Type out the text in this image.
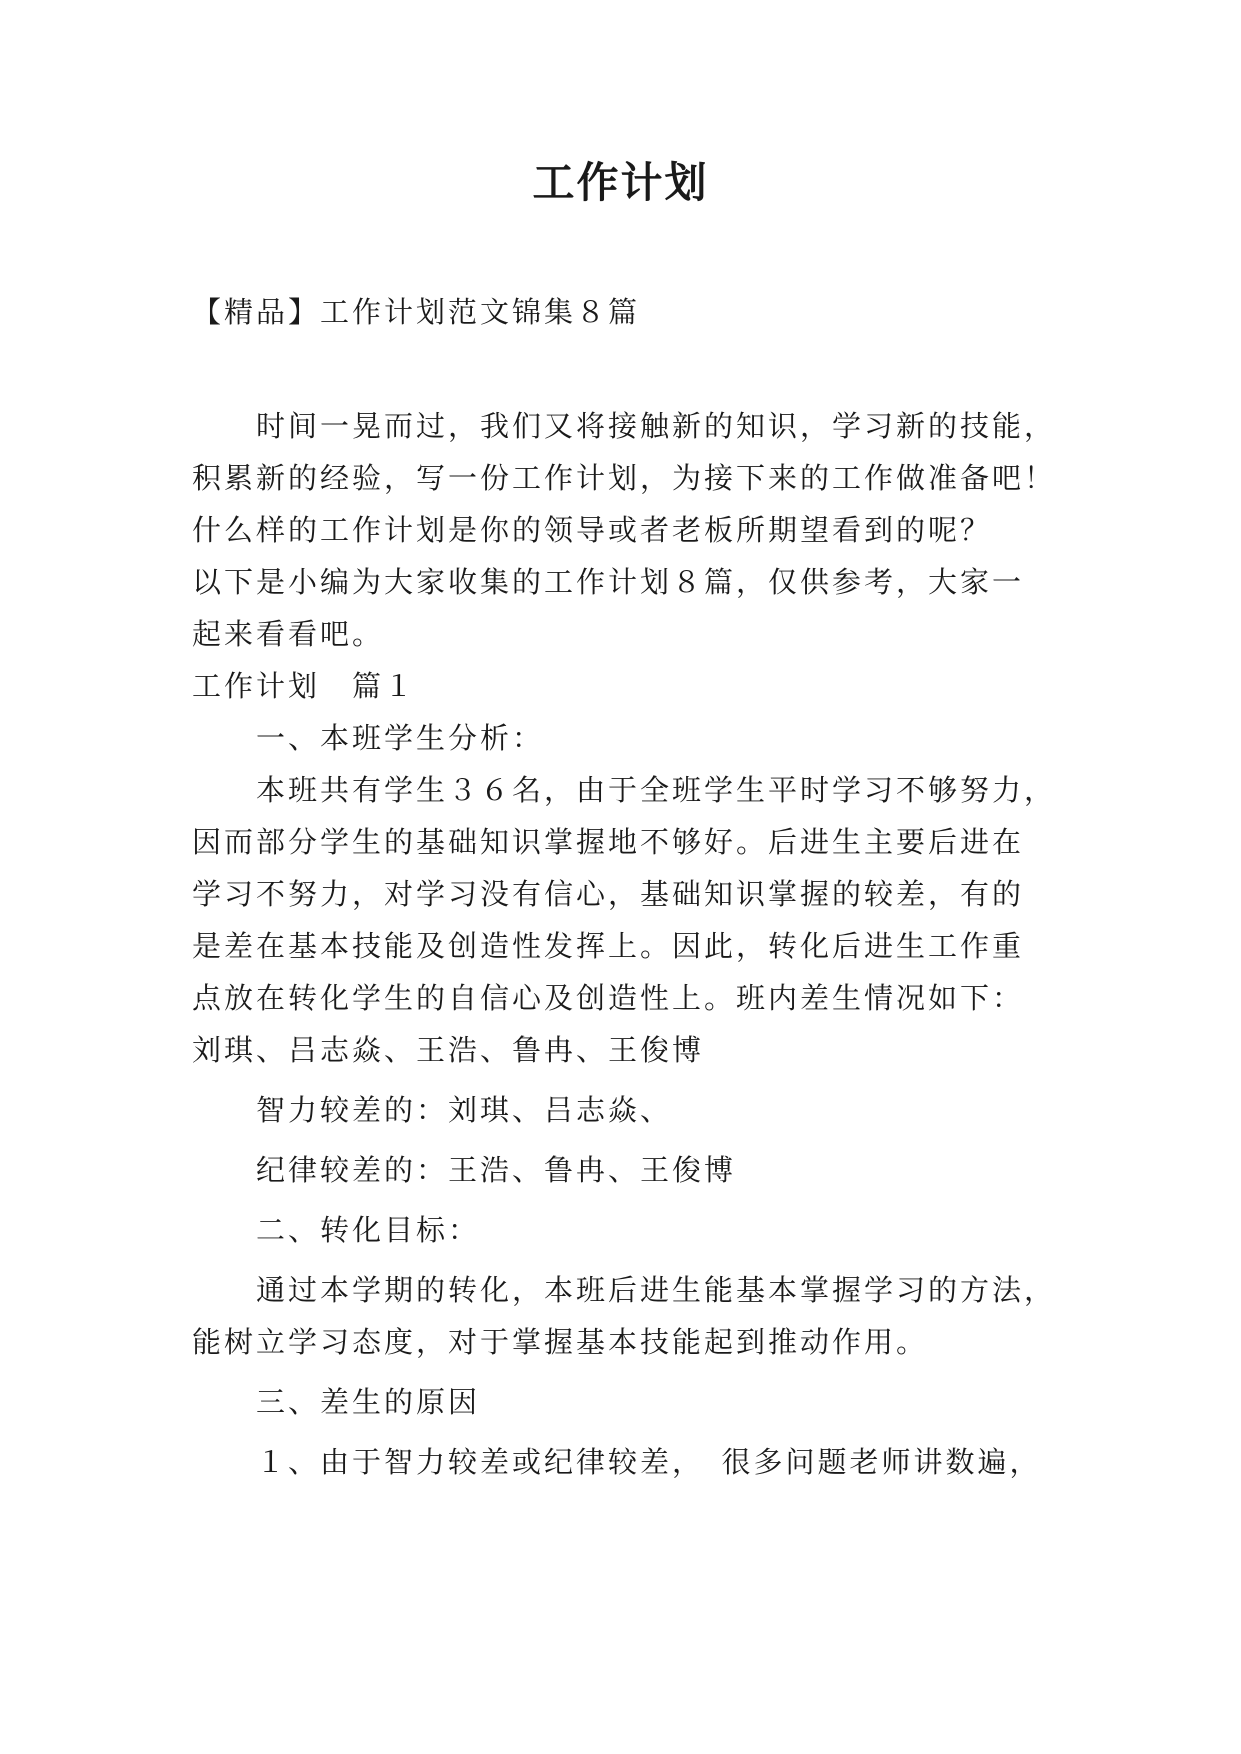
工作计划

【精品】工作计划范文锦集８篇

时间一晃而过，我们又将接触新的知识，学习新的技能，

积累新的经验，写一份工作计划，为接下来的工作做准备吧！

什么样的工作计划是你的领导或者老板所期望看到的呢？

以下是小编为大家收集的工作计划８篇，仅供参考，大家一

起来看看吧。

工作计划　篇１

一、本班学生分析：

本班共有学生３６名，由于全班学生平时学习不够努力，

因而部分学生的基础知识掌握地不够好。后进生主要后进在

学习不努力，对学习没有信心，基础知识掌握的较差，有的

是差在基本技能及创造性发挥上。因此，转化后进生工作重

点放在转化学生的自信心及创造性上。班内差生情况如下：

刘琪、吕志焱、王浩、鲁冉、王俊博

智力较差的：刘琪、吕志焱、

纪律较差的：王浩、鲁冉、王俊博

二、转化目标：

通过本学期的转化，本班后进生能基本掌握学习的方法，

能树立学习态度，对于掌握基本技能起到推动作用。

三、差生的原因

１、由于智力较差或纪律较差，　很多问题老师讲数遍，
